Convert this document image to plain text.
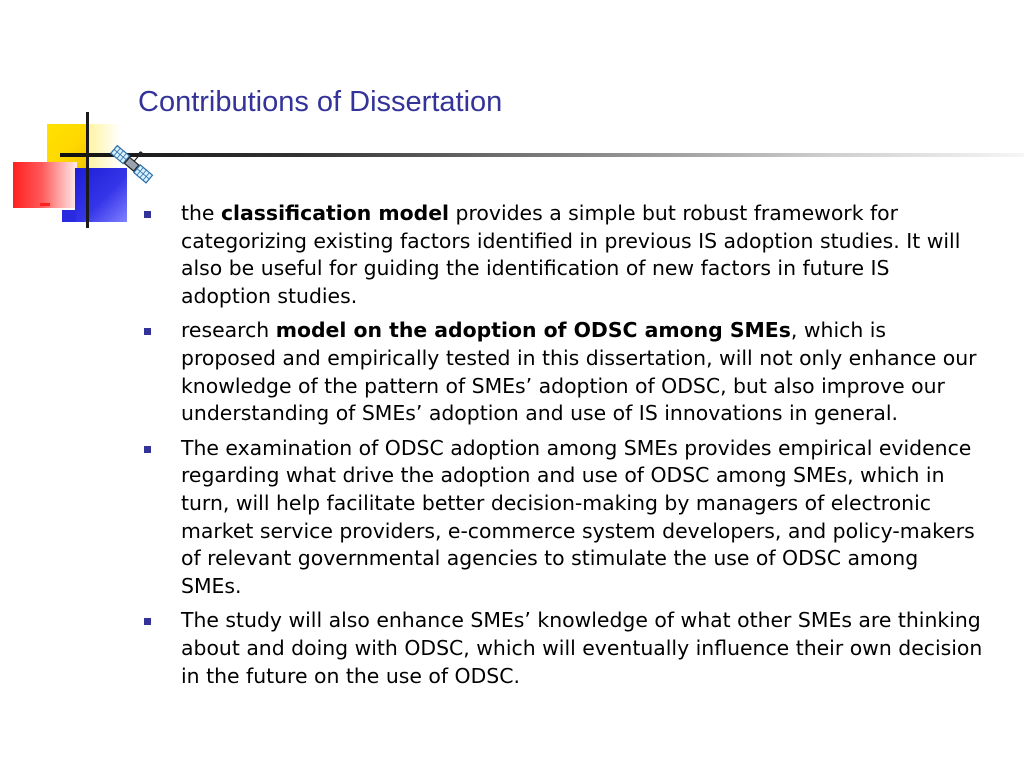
Contributions of Dissertation
the classification model provides a simple but robust framework for categorizing existing factors identified in previous IS adoption studies. It will also be useful for guiding the identification of new factors in future IS adoption studies.
research model on the adoption of ODSC among SMEs, which is proposed and empirically tested in this dissertation, will not only enhance our knowledge of the pattern of SMEs’ adoption of ODSC, but also improve our understanding of SMEs’ adoption and use of IS innovations in general.
The examination of ODSC adoption among SMEs provides empirical evidence regarding what drive the adoption and use of ODSC among SMEs, which in turn, will help facilitate better decision-making by managers of electronic market service providers, e-commerce system developers, and policy-makers of relevant governmental agencies to stimulate the use of ODSC among SMEs.
The study will also enhance SMEs’ knowledge of what other SMEs are thinking about and doing with ODSC, which will eventually influence their own decision in the future on the use of ODSC.
